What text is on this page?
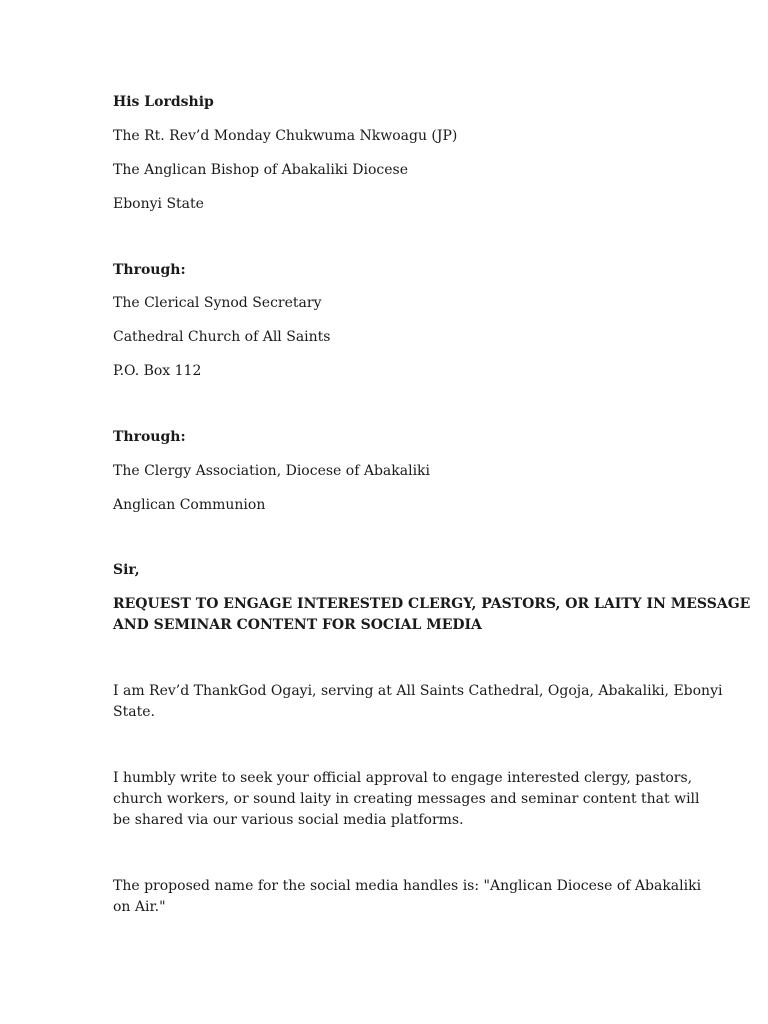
His Lordship

The Rt. Rev’d Monday Chukwuma Nkwoagu (JP)

The Anglican Bishop of Abakaliki Diocese

Ebonyi State

Through:

The Clerical Synod Secretary

Cathedral Church of All Saints

P.O. Box 112

Through:

The Clergy Association, Diocese of Abakaliki

Anglican Communion

Sir,

REQUEST TO ENGAGE INTERESTED CLERGY, PASTORS, OR LAITY IN MESSAGE

AND SEMINAR CONTENT FOR SOCIAL MEDIA

I am Rev’d ThankGod Ogayi, serving at All Saints Cathedral, Ogoja, Abakaliki, Ebonyi

State.

I humbly write to seek your official approval to engage interested clergy, pastors,

church workers, or sound laity in creating messages and seminar content that will

be shared via our various social media platforms.

The proposed name for the social media handles is: "Anglican Diocese of Abakaliki

on Air."
